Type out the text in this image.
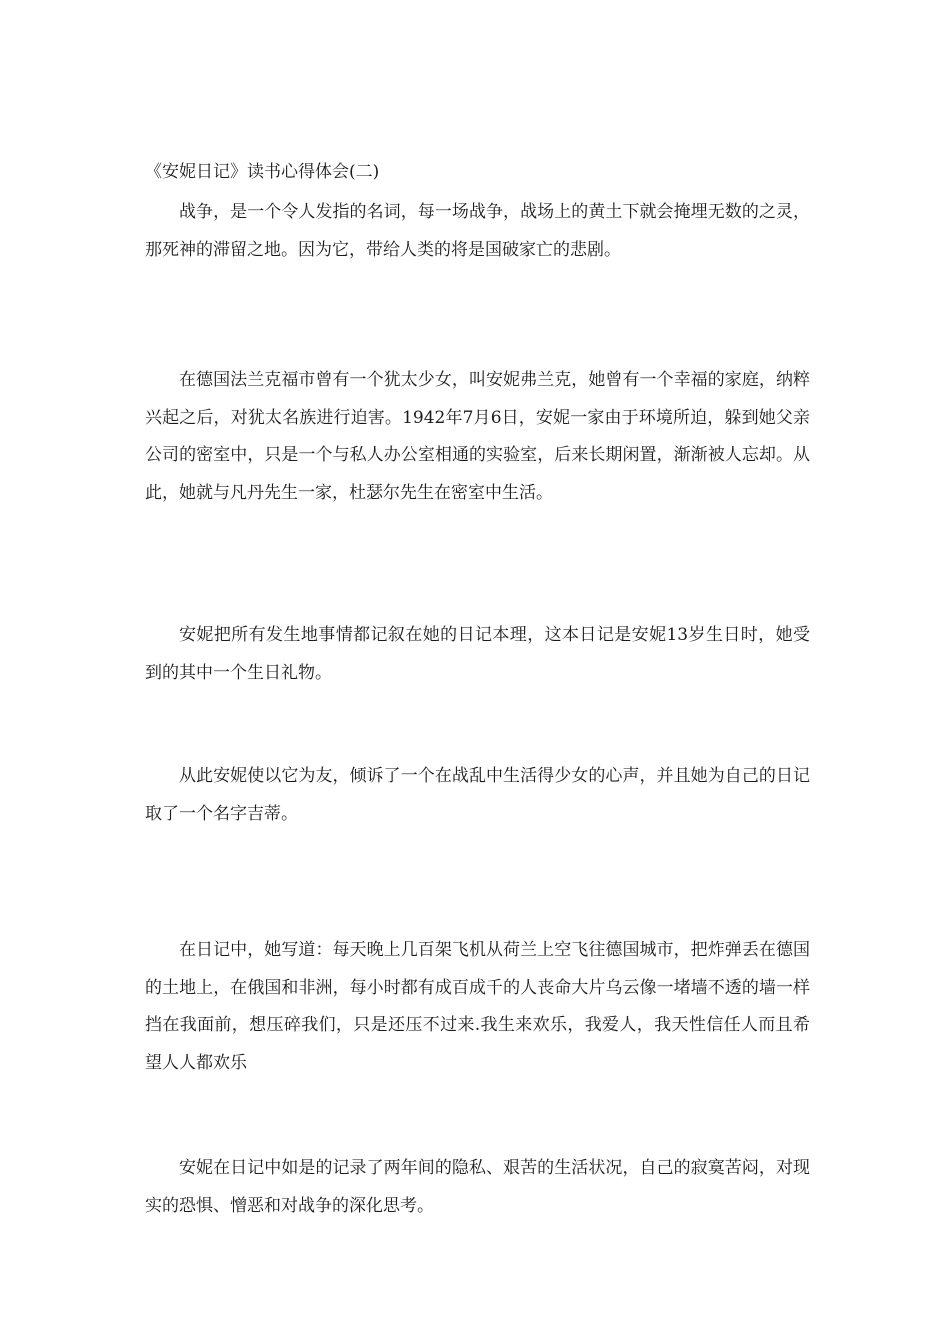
《安妮日记》读书心得体会(二)

战争，是一个令人发指的名词，每一场战争，战场上的黄土下就会掩埋无数的之灵，那死神的滞留之地。因为它，带给人类的将是国破家亡的悲剧。

在德国法兰克福市曾有一个犹太少女，叫安妮弗兰克，她曾有一个幸福的家庭，纳粹兴起之后，对犹太名族进行迫害。1942年7月6日，安妮一家由于环境所迫，躲到她父亲公司的密室中，只是一个与私人办公室相通的实验室，后来长期闲置，渐渐被人忘却。从此，她就与凡丹先生一家，杜瑟尔先生在密室中生活。

安妮把所有发生地事情都记叙在她的日记本理，这本日记是安妮13岁生日时，她受到的其中一个生日礼物。

从此安妮使以它为友，倾诉了一个在战乱中生活得少女的心声，并且她为自己的日记取了一个名字吉蒂。

在日记中，她写道：每天晚上几百架飞机从荷兰上空飞往德国城市，把炸弹丢在德国的土地上，在俄国和非洲，每小时都有成百成千的人丧命大片乌云像一堵墙不透的墙一样挡在我面前，想压碎我们，只是还压不过来.我生来欢乐，我爱人，我天性信任人而且希望人人都欢乐

安妮在日记中如是的记录了两年间的隐私、艰苦的生活状况，自己的寂寞苦闷，对现实的恐惧、憎恶和对战争的深化思考。
